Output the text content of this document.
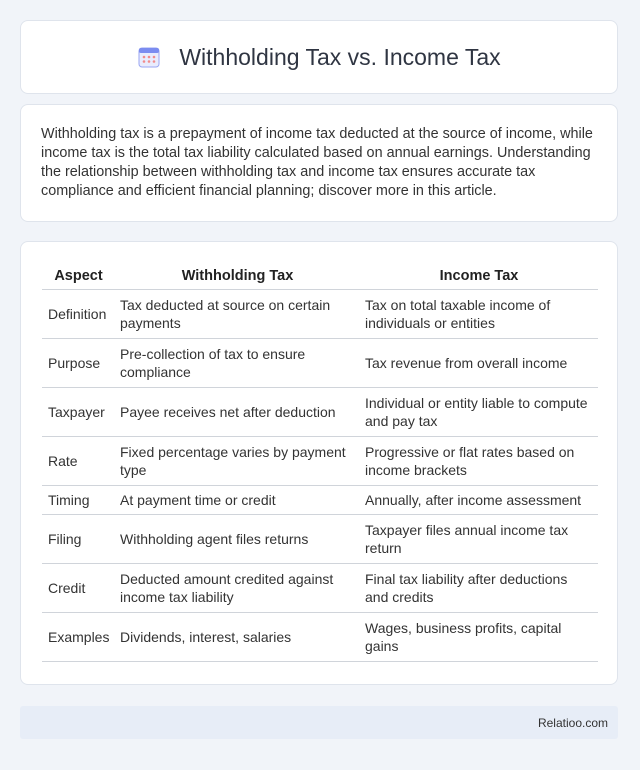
Withholding Tax vs. Income Tax

Withholding tax is a prepayment of income tax deducted at the source of income, while income tax is the total tax liability calculated based on annual earnings. Understanding the relationship between withholding tax and income tax ensures accurate tax compliance and efficient financial planning; discover more in this article.

Aspect	Withholding Tax	Income Tax
Definition	Tax deducted at source on certain payments	Tax on total taxable income of individuals or entities
Purpose	Pre-collection of tax to ensure compliance	Tax revenue from overall income
Taxpayer	Payee receives net after deduction	Individual or entity liable to compute and pay tax
Rate	Fixed percentage varies by payment type	Progressive or flat rates based on income brackets
Timing	At payment time or credit	Annually, after income assessment
Filing	Withholding agent files returns	Taxpayer files annual income tax return
Credit	Deducted amount credited against income tax liability	Final tax liability after deductions and credits
Examples	Dividends, interest, salaries	Wages, business profits, capital gains
Relatioo.com
